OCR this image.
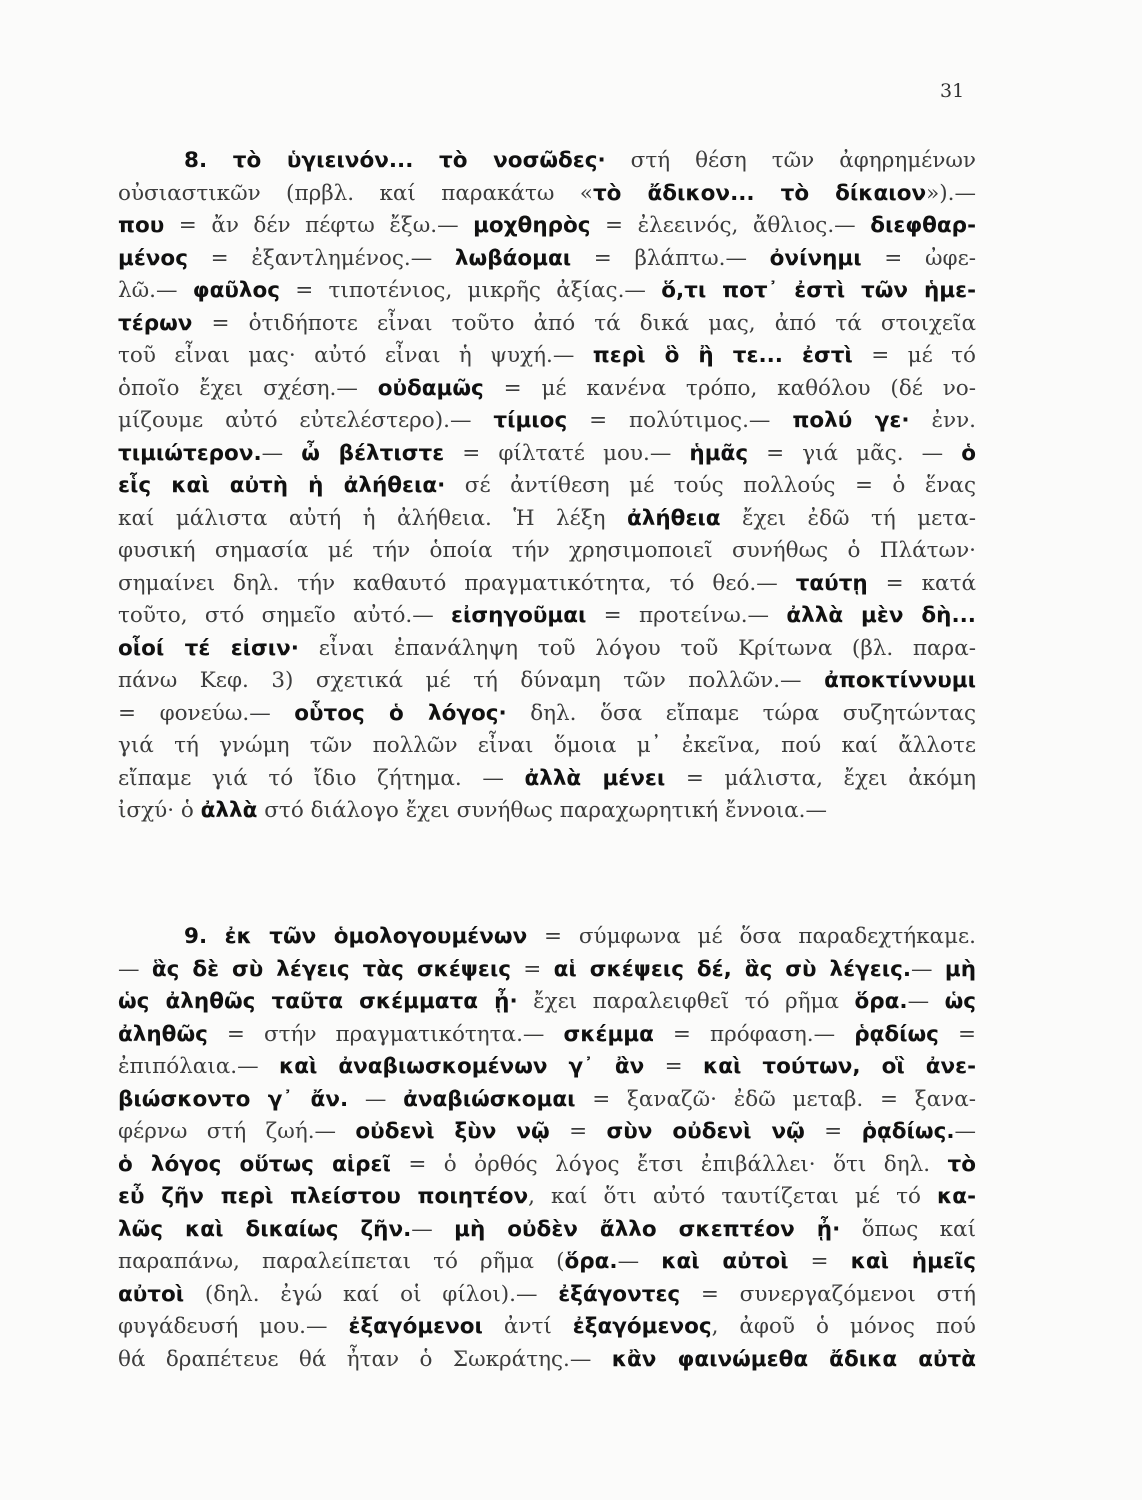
31
8. τὸ ὑγιεινόν... τὸ νοσῶδες· στή θέση τῶν ἀφηρημένων
οὐσιαστικῶν (πρβλ. καί παρακάτω «τὸ ἄδικον... τὸ δίκαιον»).—
που = ἄν δέν πέφτω ἔξω.— μοχθηρὸς = ἐλεεινός, ἄθλιος.— διεφθαρ-
μένος = ἐξαντλημένος.— λωβάομαι = βλάπτω.— ὀνίνημι = ὠφε-
λῶ.— φαῦλος = τιποτένιος, μικρῆς ἀξίας.— ὅ,τι ποτ᾽ ἐστὶ τῶν ἡμε-
τέρων = ὁτιδήποτε εἶναι τοῦτο ἀπό τά δικά μας, ἀπό τά στοιχεῖα
τοῦ εἶναι μας· αὐτό εἶναι ἡ ψυχή.— περὶ ὃ ἢ τε... ἐστὶ = μέ τό
ὁποῖο ἔχει σχέση.— οὐδαμῶς = μέ κανένα τρόπο, καθόλου (δέ νο-
μίζουμε αὐτό εὐτελέστερο).— τίμιος = πολύτιμος.— πολύ γε· ἐνν.
τιμιώτερον.— ὦ βέλτιστε = φίλτατέ μου.— ἡμᾶς = γιά μᾶς. — ὁ
εἷς καὶ αὐτὴ ἡ ἀλήθεια· σέ ἀντίθεση μέ τούς πολλούς = ὁ ἕνας
καί μάλιστα αὐτή ἡ ἀλήθεια. Ἡ λέξη ἀλήθεια ἔχει ἐδῶ τή μετα-
φυσική σημασία μέ τήν ὁποία τήν χρησιμοποιεῖ συνήθως ὁ Πλάτων·
σημαίνει δηλ. τήν καθαυτό πραγματικότητα, τό θεό.— ταύτῃ = κατά
τοῦτο, στό σημεῖο αὐτό.— εἰσηγοῦμαι = προτείνω.— ἀλλὰ μὲν δὴ...
οἷοί τέ εἰσιν· εἶναι ἐπανάληψη τοῦ λόγου τοῦ Κρίτωνα (βλ. παρα-
πάνω Κεφ. 3) σχετικά μέ τή δύναμη τῶν πολλῶν.— ἀποκτίννυμι
= φονεύω.— οὗτος ὁ λόγος· δηλ. ὅσα εἴπαμε τώρα συζητώντας
γιά τή γνώμη τῶν πολλῶν εἶναι ὅμοια μ᾽ ἐκεῖνα, πού καί ἄλλοτε
εἴπαμε γιά τό ἴδιο ζήτημα. — ἀλλὰ μένει = μάλιστα, ἔχει ἀκόμη
ἰσχύ· ὁ ἀλλὰ στό διάλογο ἔχει συνήθως παραχωρητική ἔννοια.—
9. ἐκ τῶν ὁμολογουμένων = σύμφωνα μέ ὅσα παραδεχτήκαμε.
— ἃς δὲ σὺ λέγεις τὰς σκέψεις = αἱ σκέψεις δέ, ἃς σὺ λέγεις.— μὴ
ὡς ἀληθῶς ταῦτα σκέμματα ᾖ· ἔχει παραλειφθεῖ τό ρῆμα ὅρα.— ὡς
ἀληθῶς = στήν πραγματικότητα.— σκέμμα = πρόφαση.— ῥᾳδίως =
ἐπιπόλαια.— καὶ ἀναβιωσκομένων γ᾽ ἂν = καὶ τούτων, οἳ ἀνε-
βιώσκοντο γ᾽ ἄν. — ἀναβιώσκομαι = ξαναζῶ· ἐδῶ μεταβ. = ξανα-
φέρνω στή ζωή.— οὐδενὶ ξὺν νῷ = σὺν οὐδενὶ νῷ = ῥᾳδίως.—
ὁ λόγος οὕτως αἱρεῖ = ὁ ὀρθός λόγος ἔτσι ἐπιβάλλει· ὅτι δηλ. τὸ
εὖ ζῆν περὶ πλείστου ποιητέον, καί ὅτι αὐτό ταυτίζεται μέ τό κα-
λῶς καὶ δικαίως ζῆν.— μὴ οὐδὲν ἄλλο σκεπτέον ᾖ· ὅπως καί
παραπάνω, παραλείπεται τό ρῆμα (ὅρα.— καὶ αὐτοὶ = καὶ ἡμεῖς
αὐτοὶ (δηλ. ἐγώ καί οἱ φίλοι).— ἐξάγοντες = συνεργαζόμενοι στή
φυγάδευσή μου.— ἐξαγόμενοι ἀντί ἐξαγόμενος, ἀφοῦ ὁ μόνος πού
θά δραπέτευε θά ἦταν ὁ Σωκράτης.— κἂν φαινώμεθα ἄδικα αὐτὰ
